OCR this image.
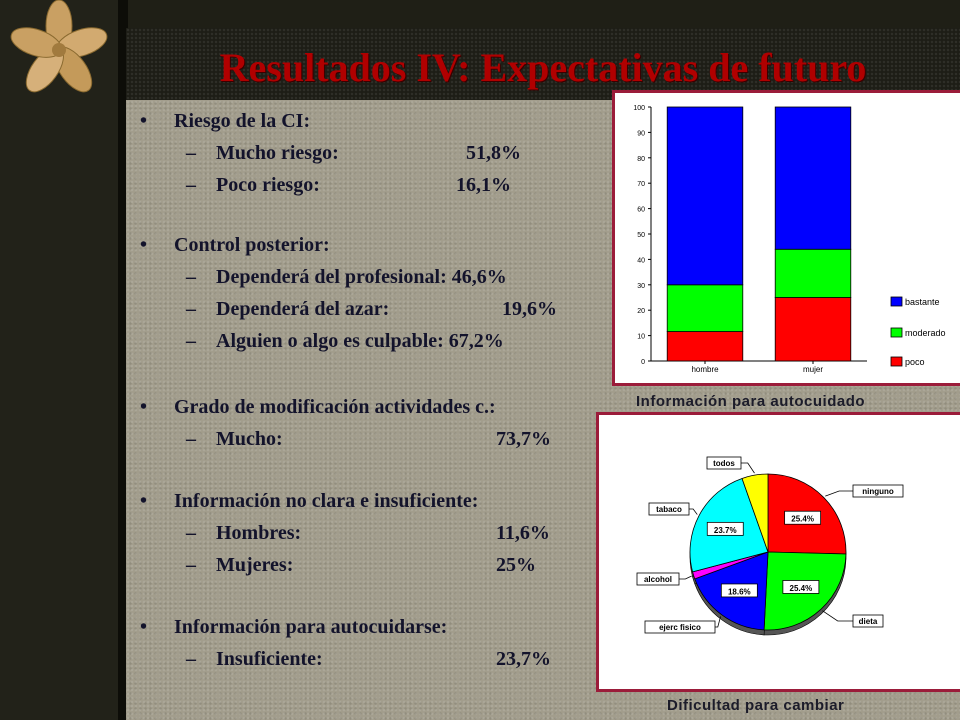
Resultados IV: Expectativas de futuro
• Riesgo de la CI:
– Mucho riesgo:	51,8%
– Poco riesgo:	16,1%
• Control posterior:
– Dependerá del profesional: 46,6%
– Dependerá del azar:	19,6%
– Alguien o algo es culpable: 67,2%
• Grado de modificación actividades c.:
– Mucho:	73,7%
• Información no clara e insuficiente:
– Hombres:	11,6%
– Mujeres:	25%
• Información para autocuidarse:
– Insuficiente:	23,7%
0
10
20
30
40
50
60
70
80
90
100
hombre	mujer
bastante
moderado
poco
Información para autocuidado
25.4%
ninguno
25.4%
dieta
18.6%
ejerc fisico
alcohol
23.7%
tabaco
todos
Dificultad para cambiar
